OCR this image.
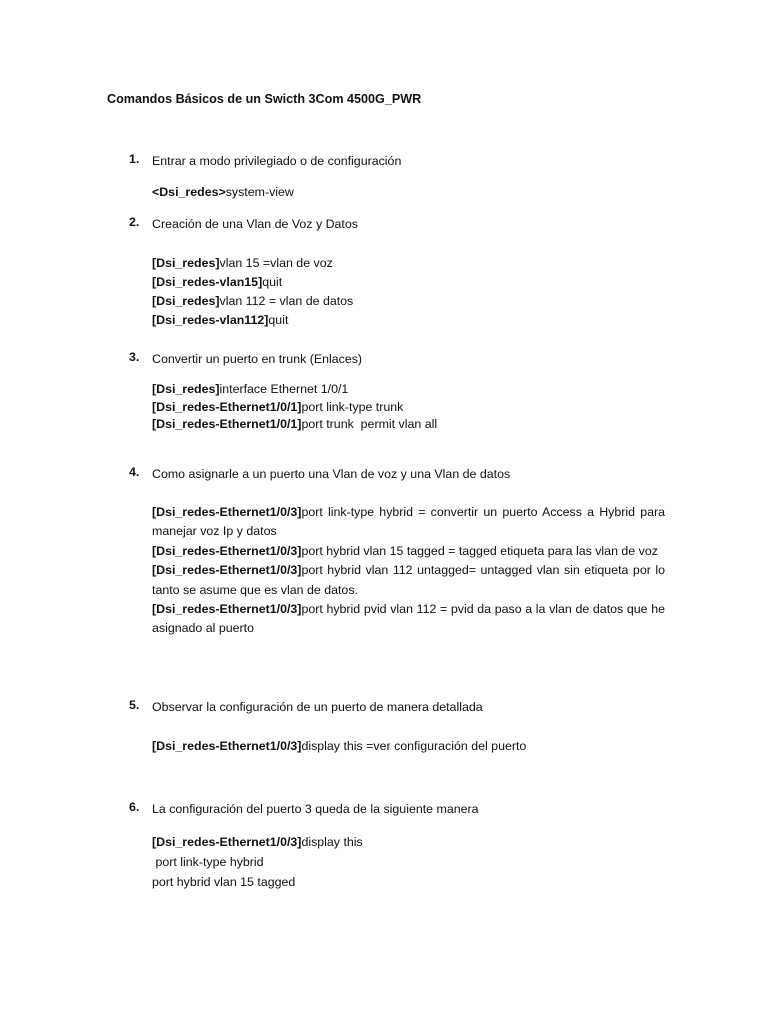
Comandos Básicos de un Swicth 3Com 4500G_PWR
1. Entrar a modo privilegiado o de configuración
<Dsi_redes>system-view
2. Creación de una Vlan de Voz y Datos
[Dsi_redes]vlan 15 =vlan de voz
[Dsi_redes-vlan15]quit
[Dsi_redes]vlan 112 = vlan de datos
[Dsi_redes-vlan112]quit
3. Convertir un puerto en trunk (Enlaces)
[Dsi_redes]interface Ethernet 1/0/1
[Dsi_redes-Ethernet1/0/1]port link-type trunk
[Dsi_redes-Ethernet1/0/1]port trunk  permit vlan all
4. Como asignarle a un puerto una Vlan de voz y una Vlan de datos
[Dsi_redes-Ethernet1/0/3]port link-type hybrid = convertir un puerto Access a Hybrid para manejar voz Ip y datos
[Dsi_redes-Ethernet1/0/3]port hybrid vlan 15 tagged = tagged etiqueta para las vlan de voz
[Dsi_redes-Ethernet1/0/3]port hybrid vlan 112 untagged= untagged vlan sin etiqueta por lo tanto se asume que es vlan de datos.
[Dsi_redes-Ethernet1/0/3]port hybrid pvid vlan 112 = pvid da paso a la vlan de datos que he asignado al puerto
5. Observar la configuración de un puerto de manera detallada
[Dsi_redes-Ethernet1/0/3]display this =ver configuración del puerto
6. La configuración del puerto 3 queda de la siguiente manera
[Dsi_redes-Ethernet1/0/3]display this
port link-type hybrid
port hybrid vlan 15 tagged
